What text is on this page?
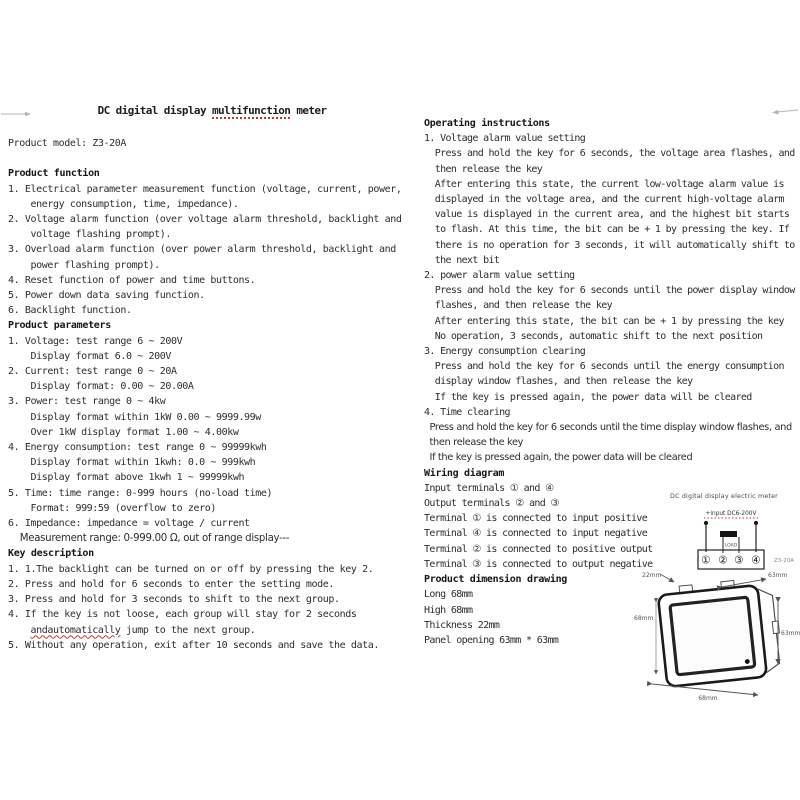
DC digital display multifunction meter
Product model: Z3-20A

Product function
1. Electrical parameter measurement function (voltage, current, power,
energy consumption, time, impedance).
2. Voltage alarm function (over voltage alarm threshold, backlight and
voltage flashing prompt).
3. Overload alarm function (over power alarm threshold, backlight and
power flashing prompt).
4. Reset function of power and time buttons.
5. Power down data saving function.
6. Backlight function.
Product parameters
1. Voltage: test range 6 ~ 200V
Display format 6.0 ~ 200V
2. Current: test range 0 ~ 20A
Display format: 0.00 ~ 20.00A
3. Power: test range 0 ~ 4kw
Display format within 1kW 0.00 ~ 9999.99w
Over 1kW display format 1.00 ~ 4.00kw
4. Energy consumption: test range 0 ~ 99999kwh
Display format within 1kwh: 0.0 ~ 999kwh
Display format above 1kwh 1 ~ 99999kwh
5. Time: time range: 0-999 hours (no-load time)
Format: 999:59 (overflow to zero)
6. Impedance: impedance = voltage / current
Measurement range: 0-999.00 Ω, out of range display---
Key description
1. 1.The backlight can be turned on or off by pressing the key 2.
2. Press and hold for 6 seconds to enter the setting mode.
3. Press and hold for 3 seconds to shift to the next group.
4. If the key is not loose, each group will stay for 2 seconds
andautomatically jump to the next group.
5. Without any operation, exit after 10 seconds and save the data.
Operating instructions
1. Voltage alarm value setting
Press and hold the key for 6 seconds, the voltage area flashes, and
then release the key
After entering this state, the current low-voltage alarm value is
displayed in the voltage area, and the current high-voltage alarm
value is displayed in the current area, and the highest bit starts
to flash. At this time, the bit can be + 1 by pressing the key. If
there is no operation for 3 seconds, it will automatically shift to
the next bit
2. power alarm value setting
Press and hold the key for 6 seconds until the power display window
flashes, and then release the key
After entering this state, the bit can be + 1 by pressing the key
No operation, 3 seconds, automatic shift to the next position
3. Energy consumption clearing
Press and hold the key for 6 seconds until the energy consumption
display window flashes, and then release the key
If the key is pressed again, the power data will be cleared
4. Time clearing
Press and hold the key for 6 seconds until the time display window flashes, and
then release the key
If the key is pressed again, the power data will be cleared
Wiring diagram
Input terminals ① and ④
Output terminals ② and ③
Terminal ① is connected to input positive
Terminal ④ is connected to input negative
Terminal ② is connected to positive output
Terminal ③ is connected to output negative
Product dimension drawing
Long 68mm
High 68mm
Thickness 22mm
Panel opening 63mm * 63mm
DC digital display electric meter
+input DC6-200V
LOAD
① ② ③ ④ Z3-20A
22mm	63mm
68mm
63mm
68mm
